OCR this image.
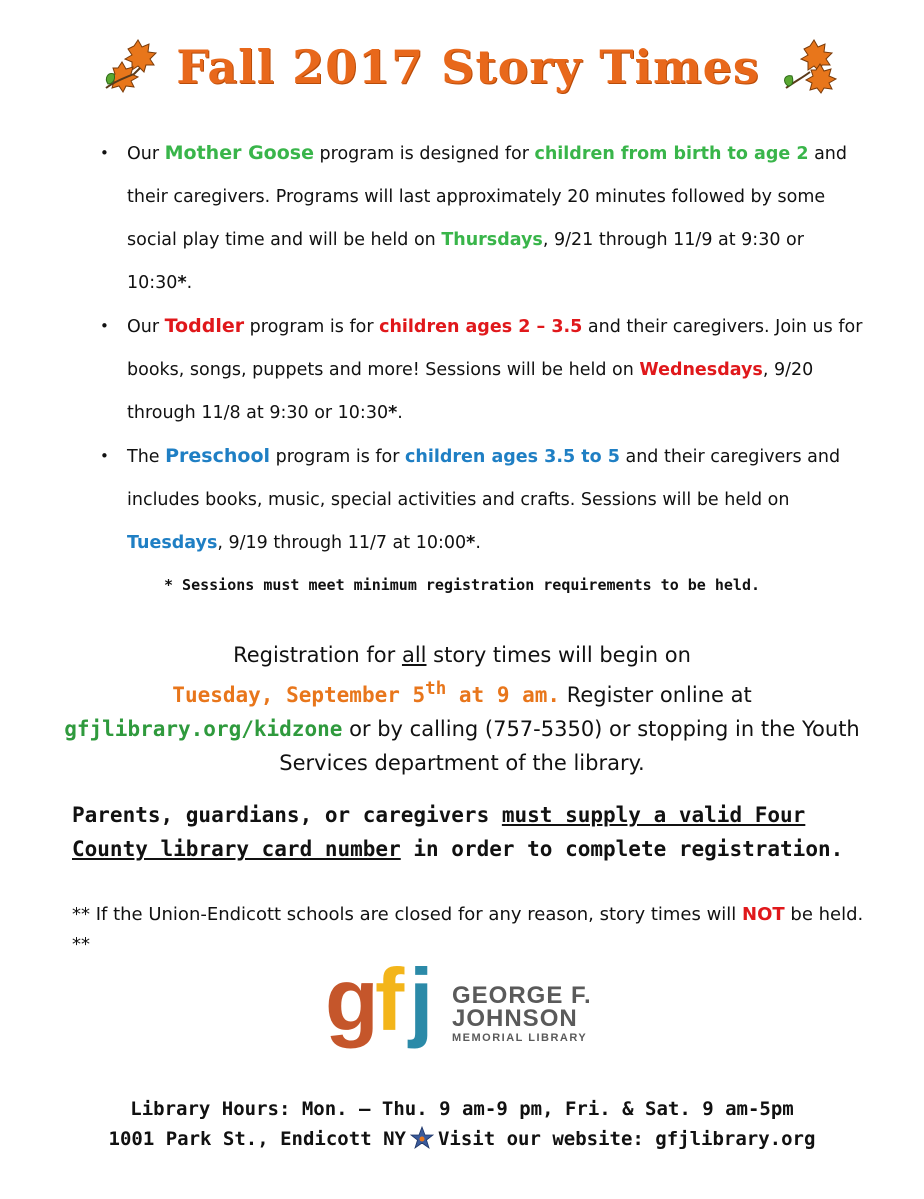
Fall 2017 Story Times
• Our Mother Goose program is designed for children from birth to age 2 and their caregivers. Programs will last approximately 20 minutes followed by some social play time and will be held on Thursdays, 9/21 through 11/9 at 9:30 or 10:30*.
• Our Toddler program is for children ages 2 – 3.5 and their caregivers. Join us for books, songs, puppets and more! Sessions will be held on Wednesdays, 9/20 through 11/8 at 9:30 or 10:30*.
• The Preschool program is for children ages 3.5 to 5 and their caregivers and includes books, music, special activities and crafts. Sessions will be held on Tuesdays, 9/19 through 11/7 at 10:00*.
* Sessions must meet minimum registration requirements to be held.
Registration for all story times will begin on
Tuesday, September 5th at 9 am. Register online at
gfjlibrary.org/kidzone or by calling (757-5350) or stopping in the Youth Services department of the library.
Parents, guardians, or caregivers must supply a valid Four County library card number in order to complete registration.
** If the Union-Endicott schools are closed for any reason, story times will NOT be held. **
g
f j GEORGE F.
JOHNSON
MEMORIAL LIBRARY
Library Hours: Mon. – Thu. 9 am-9 pm, Fri. & Sat. 9 am-5pm
1001 Park St., Endicott NY Visit our website: gfjlibrary.org
